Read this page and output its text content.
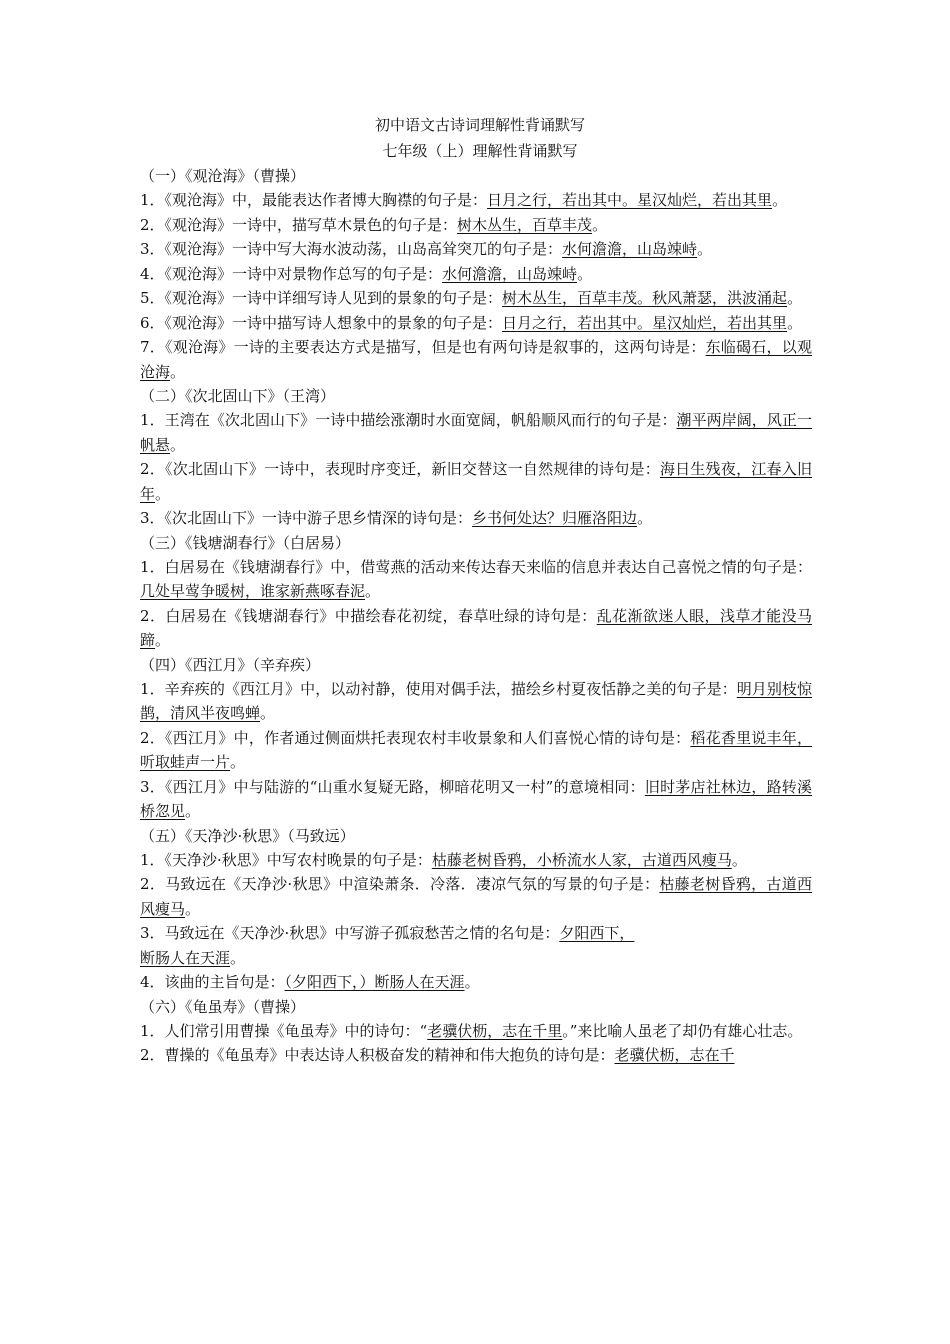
初中语文古诗词理解性背诵默写
七年级（上）理解性背诵默写
（一）《观沧海》（曹操）
1．《观沧海》中，最能表达作者博大胸襟的句子是：日月之行，若出其中。星汉灿烂，若出其里。
2．《观沧海》一诗中，描写草木景色的句子是：树木丛生，百草丰茂。
3．《观沧海》一诗中写大海水波动荡，山岛高耸突兀的句子是：水何澹澹，山岛竦峙。
4．《观沧海》一诗中对景物作总写的句子是：水何澹澹，山岛竦峙。
5．《观沧海》一诗中详细写诗人见到的景象的句子是：树木丛生，百草丰茂。秋风萧瑟，洪波涌起。
6．《观沧海》一诗中描写诗人想象中的景象的句子是：日月之行，若出其中。星汉灿烂，若出其里。
7．《观沧海》一诗的主要表达方式是描写，但是也有两句诗是叙事的，这两句诗是：东临碣石，以观沧海。
（二）《次北固山下》（王湾）
1．王湾在《次北固山下》一诗中描绘涨潮时水面宽阔，帆船顺风而行的句子是：潮平两岸阔，风正一帆悬。
2．《次北固山下》一诗中，表现时序变迁，新旧交替这一自然规律的诗句是：海日生残夜，江春入旧年。
3．《次北固山下》一诗中游子思乡情深的诗句是：乡书何处达？归雁洛阳边。
（三）《钱塘湖春行》（白居易）
1．白居易在《钱塘湖春行》中，借莺燕的活动来传达春天来临的信息并表达自己喜悦之情的句子是：几处早莺争暖树，谁家新燕啄春泥。
2．白居易在《钱塘湖春行》中描绘春花初绽，春草吐绿的诗句是：乱花渐欲迷人眼，浅草才能没马蹄。
（四）《西江月》（辛弃疾）
1．辛弃疾的《西江月》中，以动衬静，使用对偶手法，描绘乡村夏夜恬静之美的句子是：明月别枝惊鹊，清风半夜鸣蝉。
2．《西江月》中，作者通过侧面烘托表现农村丰收景象和人们喜悦心情的诗句是：稻花香里说丰年，听取蛙声一片。
3．《西江月》中与陆游的“山重水复疑无路，柳暗花明又一村”的意境相同：旧时茅店社林边，路转溪桥忽见。
（五）《天净沙·秋思》（马致远）
1．《天净沙·秋思》中写农村晚景的句子是：枯藤老树昏鸦，小桥流水人家，古道西风瘦马。
2．马致远在《天净沙·秋思》中渲染萧条．冷落．凄凉气氛的写景的句子是：枯藤老树昏鸦，古道西风瘦马。
3．马致远在《天净沙·秋思》中写游子孤寂愁苦之情的名句是：夕阳西下，
断肠人在天涯。
4．该曲的主旨句是：（夕阳西下，）断肠人在天涯。
（六）《龟虽寿》（曹操）
1．人们常引用曹操《龟虽寿》中的诗句：“老骥伏枥，志在千里。”来比喻人虽老了却仍有雄心壮志。
2．曹操的《龟虽寿》中表达诗人积极奋发的精神和伟大抱负的诗句是：老骥伏枥，志在千
